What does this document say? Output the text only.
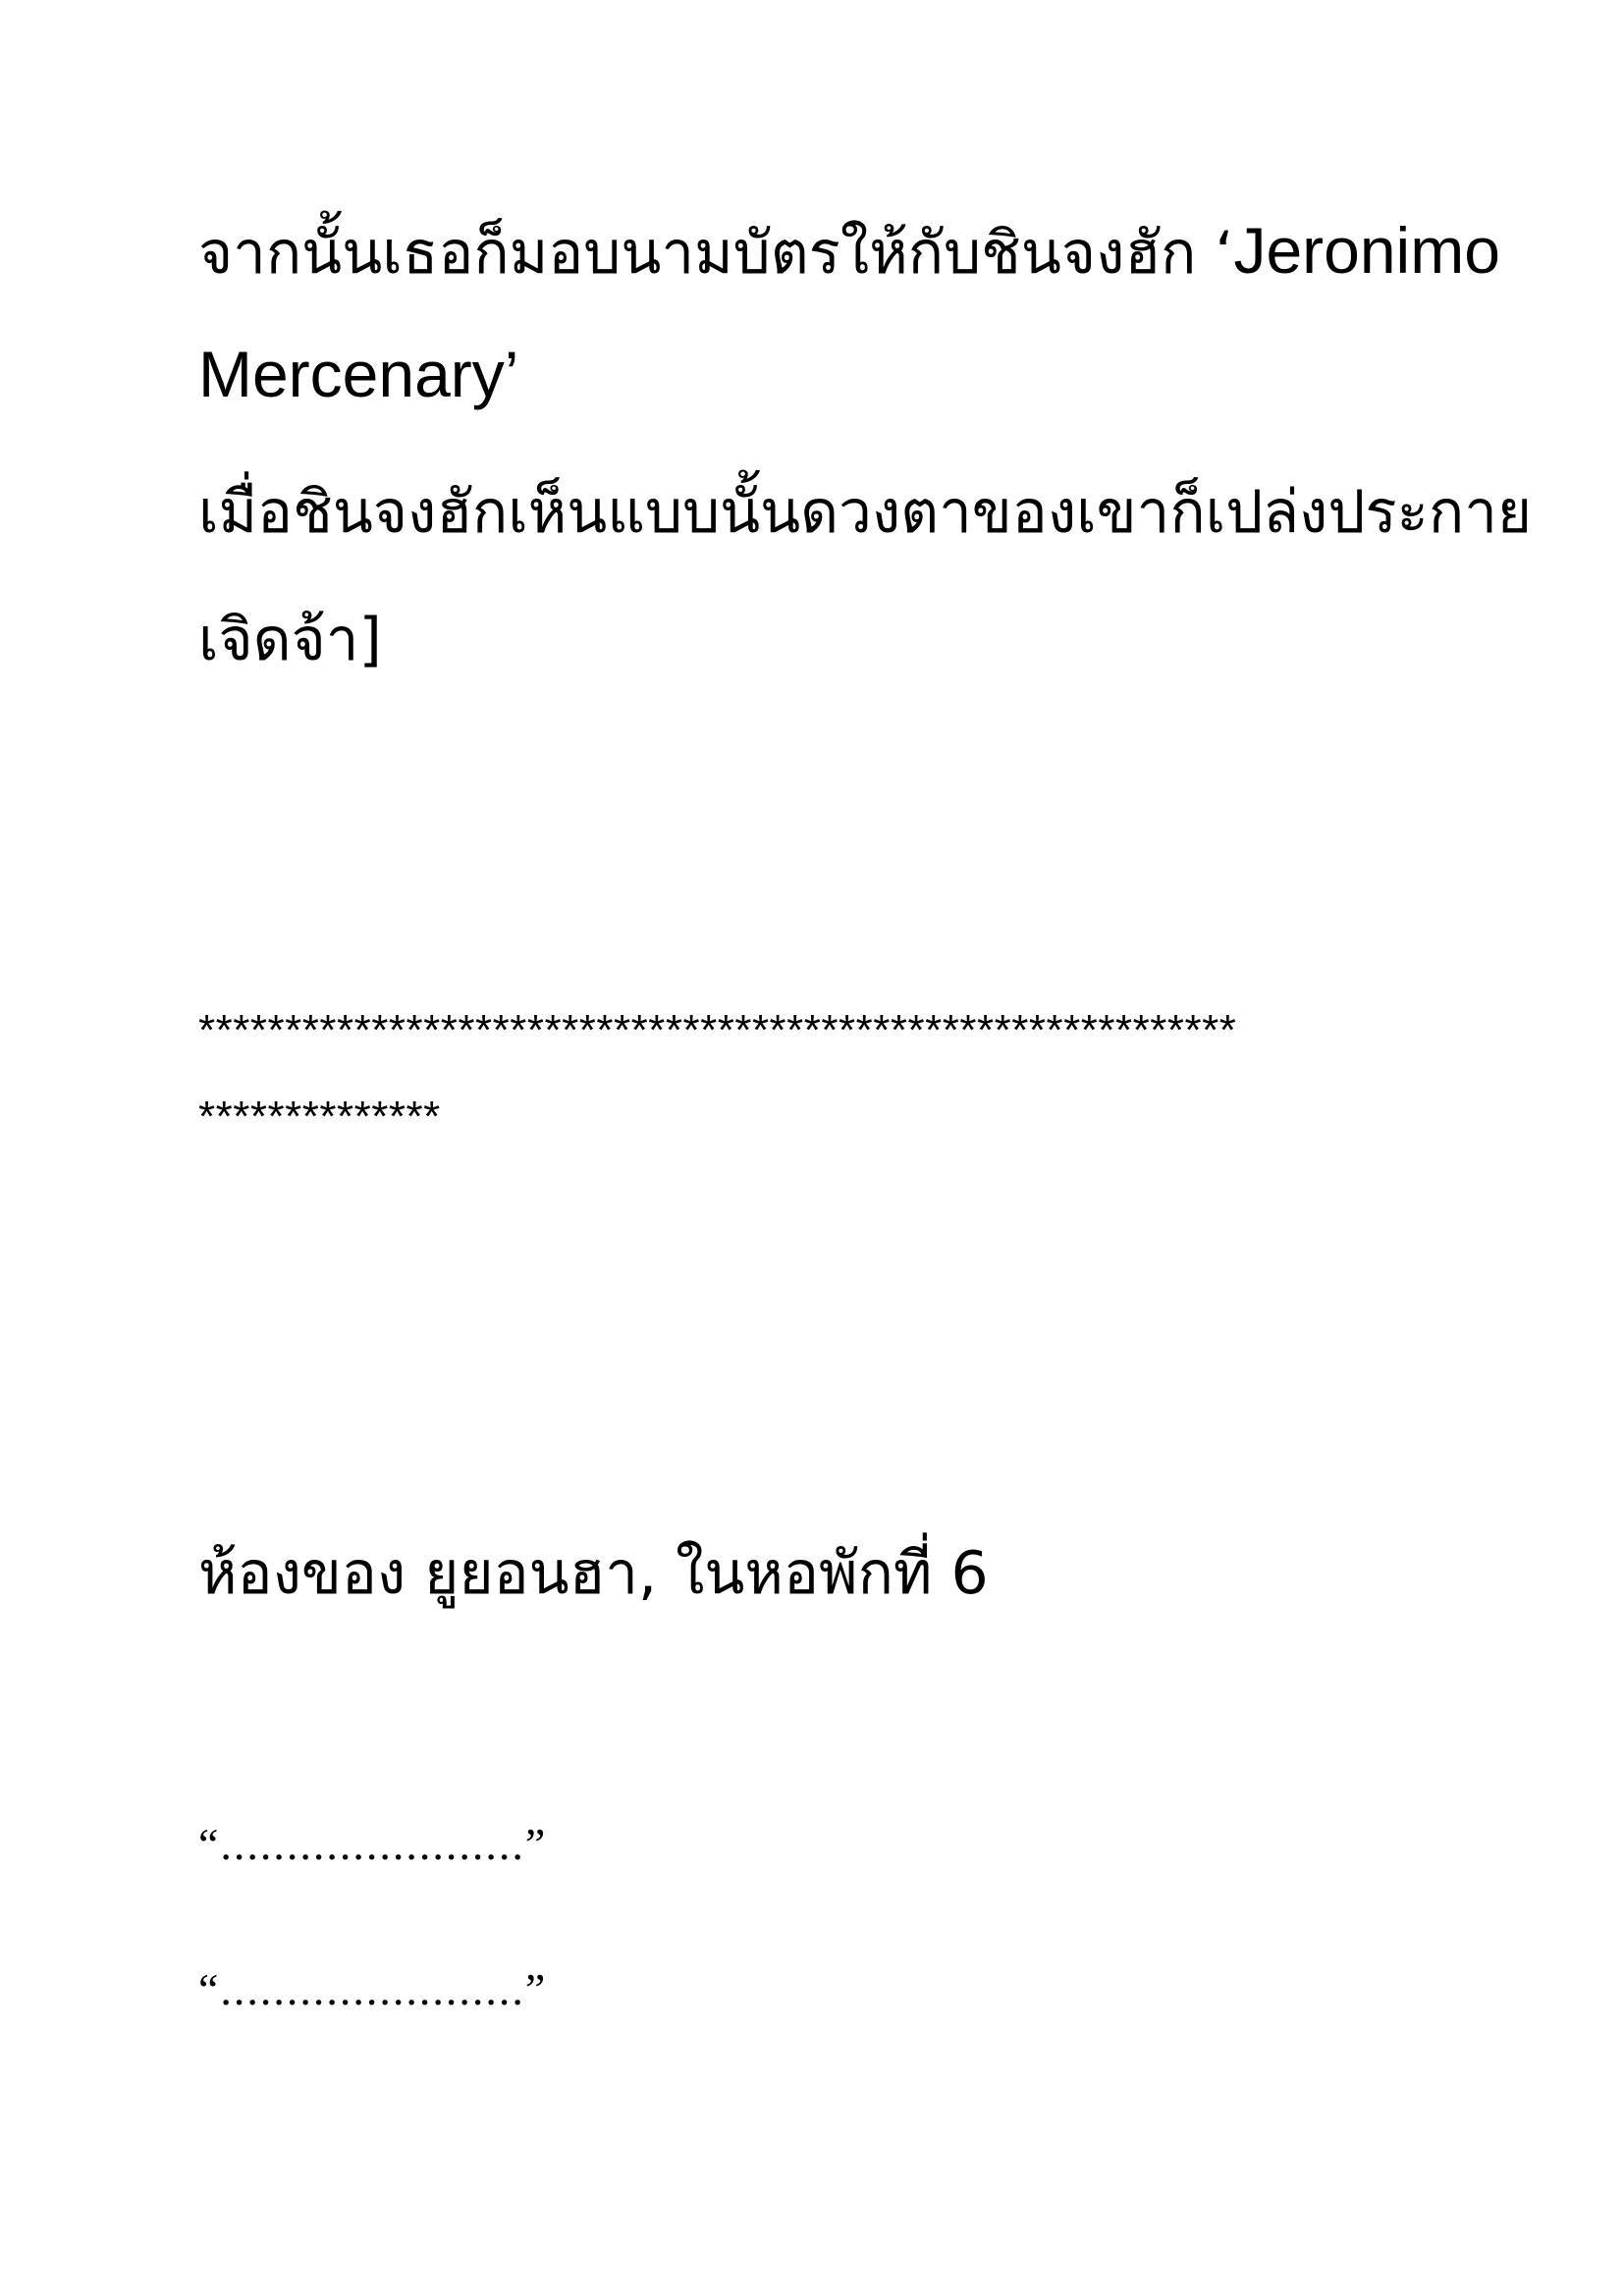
จากนั้นเธอก็มอบนามบัตรให้กับชินจงฮัก ‘Jeronimo
Mercenary’
เมื่อชินจงฮักเห็นแบบนั้นดวงตาของเขาก็เปล่งประกาย
เจิดจ้า]
************************************************************
**************
ห้องของ ยูยอนฮา, ในหอพักที่ 6
“.......................”
“.......................”
